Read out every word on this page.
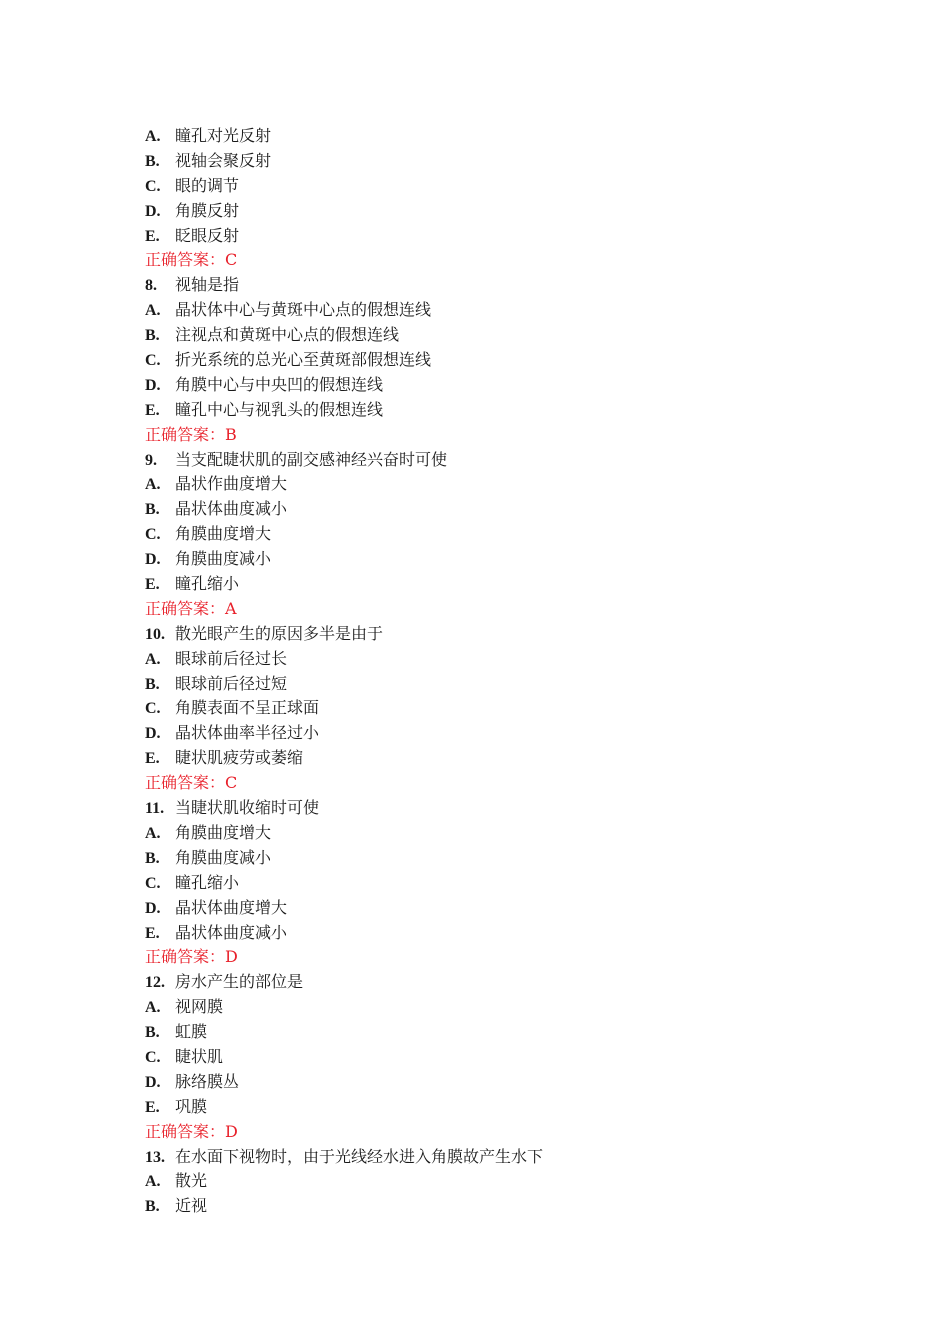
A. 瞳孔对光反射
B. 视轴会聚反射
C. 眼的调节
D. 角膜反射
E. 眨眼反射
正确答案：C
8. 视轴是指
A. 晶状体中心与黄斑中心点的假想连线
B. 注视点和黄斑中心点的假想连线
C. 折光系统的总光心至黄斑部假想连线
D. 角膜中心与中央凹的假想连线
E. 瞳孔中心与视乳头的假想连线
正确答案：B
9. 当支配睫状肌的副交感神经兴奋时可使
A. 晶状作曲度增大
B. 晶状体曲度减小
C. 角膜曲度增大
D. 角膜曲度减小
E. 瞳孔缩小
正确答案：A
10. 散光眼产生的原因多半是由于
A. 眼球前后径过长
B. 眼球前后径过短
C. 角膜表面不呈正球面
D. 晶状体曲率半径过小
E. 睫状肌疲劳或萎缩
正确答案：C
11. 当睫状肌收缩时可使
A. 角膜曲度增大
B. 角膜曲度减小
C. 瞳孔缩小
D. 晶状体曲度增大
E. 晶状体曲度减小
正确答案：D
12. 房水产生的部位是
A. 视网膜
B. 虹膜
C. 睫状肌
D. 脉络膜丛
E. 巩膜
正确答案：D
13. 在水面下视物时，由于光线经水进入角膜故产生水下
A. 散光
B. 近视
